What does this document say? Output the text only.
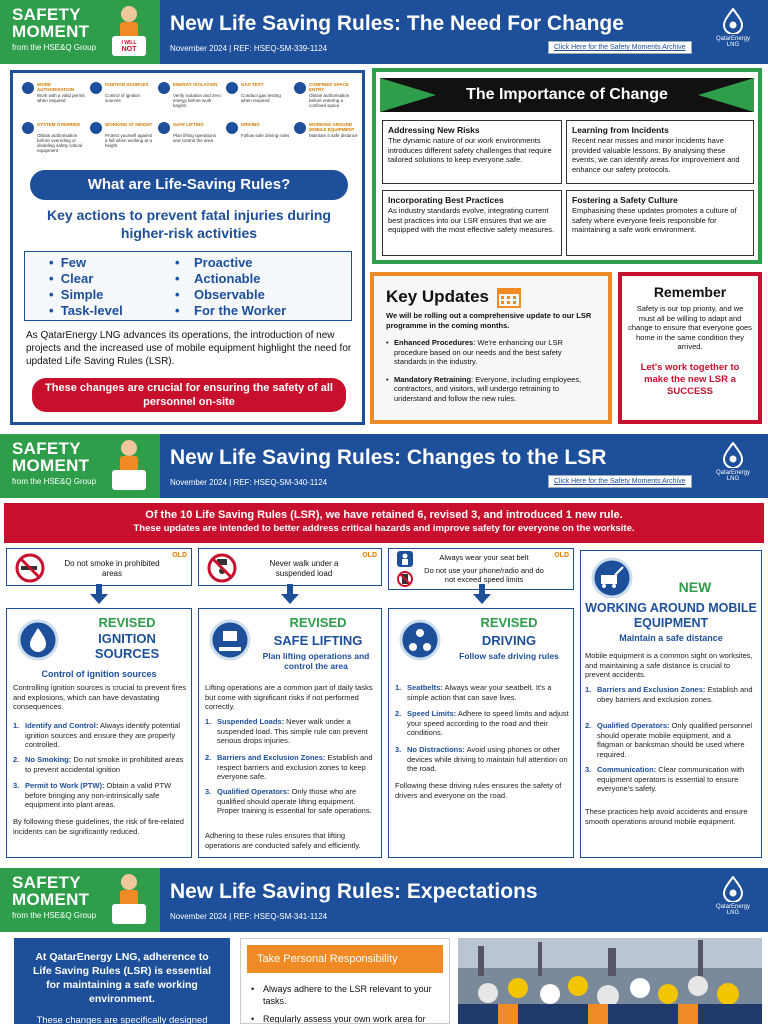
SAFETY
MOMENT
from the HSE&Q Group	I WILL
NOT
New Life Saving Rules: The Need For Change
November 2024 | REF: HSEQ-SM-339-1124	Click Here for the Safety Moments Archive
QatarEnergy
LNG
WORK AUTHORISATION
Work with a valid permit when required
IGNITION SOURCES
Control of ignition sources
ENERGY ISOLATION
Verify isolation and zero energy before work begins
GAS TEST
Conduct gas testing when required
CONFINED SPACE ENTRY
Obtain authorisation before entering a confined space
SYSTEM OVERRIDE
Obtain authorisation before overriding or disabling safety critical equipment
WORKING AT HEIGHT
Protect yourself against a fall when working at a height
SAFE LIFTING
Plan lifting operations and control the area
DRIVING
Follow safe driving rules
WORKING AROUND MOBILE EQUIPMENT
Maintain a safe distance
What are Life-Saving Rules?
Key actions to prevent fatal injuries during higher-risk activities
•  Few
•  Clear
•  Simple
•  Task-level
•    Proactive
•    Actionable
•    Observable
•    For the Worker
As QatarEnergy LNG advances its operations, the introduction of new projects and the increased use of mobile equipment highlight the need for updated Life Saving Rules (LSR).
These changes are crucial for ensuring the safety of all personnel on-site
The Importance of Change
Addressing New Risks
The dynamic nature of our work environments introduces different safety challenges that require tailored solutions to keep everyone safe.
Learning from Incidents
Recent near misses and minor incidents have provided valuable lessons. By analysing these events, we can identify areas for improvement and enhance our safety protocols.
Incorporating Best Practices
As industry standards evolve, integrating current best practices into our LSR ensures that we are equipped with the most effective safety measures.
Fostering a Safety Culture
Emphasising these updates promotes a culture of safety where everyone feels responsible for maintaining a safe work environment.
Key Updates
We will be rolling out a comprehensive update to our LSR programme in the coming months.
• Enhanced Procedures: We're enhancing our LSR procedure based on our needs and the best safety standards in the industry.
• Mandatory Retraining: Everyone, including employees, contractors, and visitors, will undergo retraining to understand and follow the new rules.
Remember
Safety is our top priority, and we must all be willing to adapt and change to ensure that everyone goes home in the same condition they arrived.
Let's work together to make the new LSR a SUCCESS
SAFETY
MOMENT
from the HSE&Q Group
New Life Saving Rules: Changes to the LSR
November 2024 | REF: HSEQ-SM-340-1124	Click Here for the Safety Moments Archive
QatarEnergy
LNG
Of the 10 Life Saving Rules (LSR), we have retained 6, revised 3, and introduced 1 new rule.
These updates are intended to better address critical hazards and improve safety for everyone on the worksite.
Do not smoke in prohibited areas
OLD
Never walk under a suspended load
OLD	Always wear your seat belt
Do not use your phone/radio and do not exceed speed limits
OLD
REVISED
IGNITION SOURCES
Control of ignition sources
Controlling ignition sources is crucial to prevent fires and explosions, which can have devastating consequences.
1. Identify and Control: Always identify potential ignition sources and ensure they are properly controlled.
2. No Smoking: Do not smoke in prohibited areas to prevent accidental ignition
3. Permit to Work (PTW): Obtain a valid PTW before bringing any non-intrinsically safe equipment into plant areas.
By following these guidelines, the risk of fire-related incidents can be significantly reduced.
REVISED
SAFE LIFTING
Plan lifting operations and control the area
Lifting operations are a common part of daily tasks but come with significant risks if not performed correctly.
1. Suspended Loads: Never walk under a suspended load. This simple rule can prevent serious drops injuries.
2. Barriers and Exclusion Zones: Establish and respect barriers and exclusion zones to keep everyone safe.
3. Qualified Operators: Only those who are qualified should operate lifting equipment. Proper training is essential for safe operations.
Adhering to these rules ensures that lifting operations are conducted safely and efficiently.
REVISED
DRIVING
Follow safe driving rules
1. Seatbelts: Always wear your seatbelt. It's a simple action that can save lives.
2. Speed Limits: Adhere to speed limits and adjust your speed according to the road and their conditions.
3. No Distractions: Avoid using phones or other devices while driving to maintain full attention on the road.
Following these driving rules ensures the safety of drivers and everyone on the road.
NEW
WORKING AROUND MOBILE EQUIPMENT
Maintain a safe distance
Mobile equipment is a common sight on worksites, and maintaining a safe distance is crucial to prevent accidents.
1. Barriers and Exclusion Zones: Establish and obey barriers and exclusion zones.
2. Qualified Operators: Only qualified personnel should operate mobile equipment, and a flagman or banksman should be used where required.
3. Communication: Clear communication with equipment operators is essential to ensure everyone's safety.
These practices help avoid accidents and ensure smooth operations around mobile equipment.
SAFETY
MOMENT
from the HSE&Q Group
New Life Saving Rules: Expectations
November 2024 | REF: HSEQ-SM-341-1124
QatarEnergy
LNG
At QatarEnergy LNG, adherence to Life Saving Rules (LSR) is essential for maintaining a safe working environment.
These changes are specifically designed
Take Personal Responsibility
• Always adhere to the LSR relevant to your tasks.
• Regularly assess your own work area for
